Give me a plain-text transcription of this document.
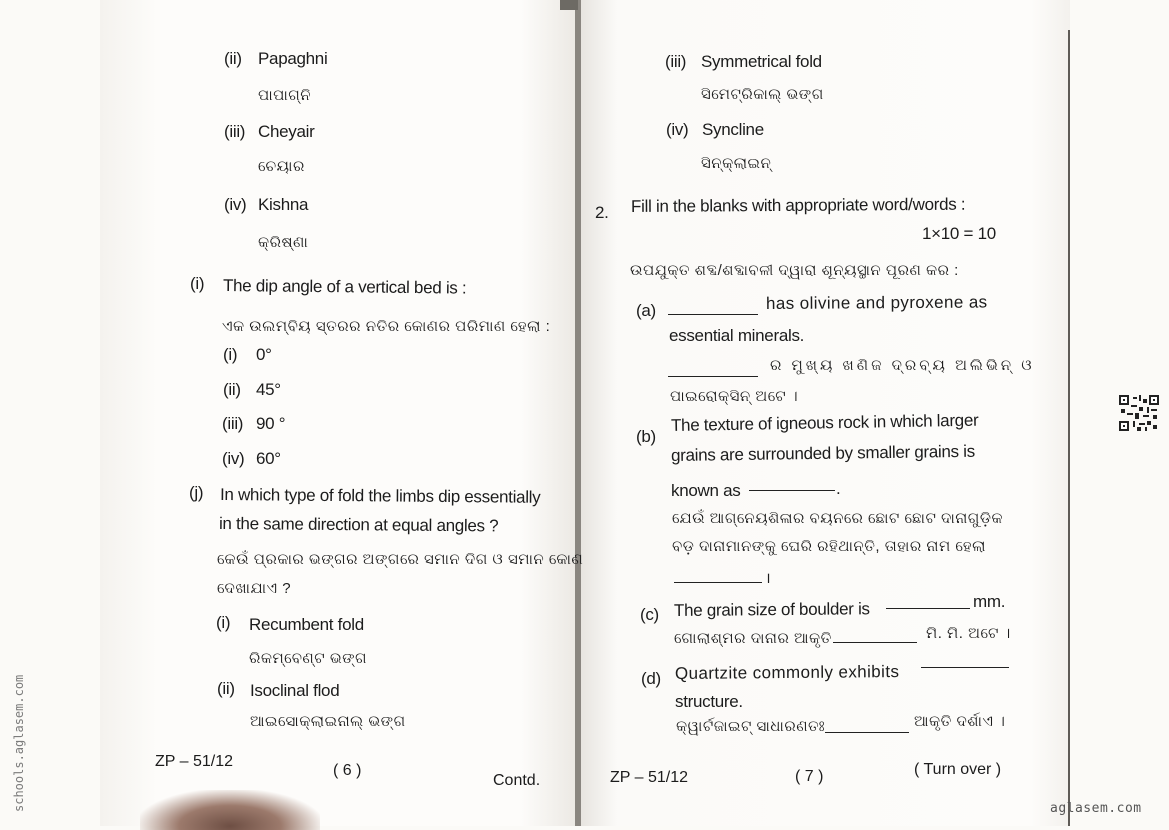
(ii) Papaghni
ପାପାଗ୍ନି
(iii) Cheyair
ଚେୟାର
(iv) Kishna
କ୍ରିଷ୍ଣା
(i) The dip angle of a vertical bed is :
ଏକ ଉଲମ୍ବିୟ ସ୍ତରର ନତିର କୋଣର ପରିମାଣ ହେଲା :
(i) 0°
(ii) 45°
(iii) 90 °
(iv) 60°
(j) In which type of fold the limbs dip essentially
in the same direction at equal angles ?
କେଉଁ ପ୍ରକାର ଭଙ୍ଗର ଅଙ୍ଗରେ ସମାନ ଦିଗ ଓ ସମାନ କୋଣ
ଦେଖାଯାଏ ?
(i) Recumbent fold
ରିକମ୍ବେଣ୍ଟ ଭଙ୍ଗ
(ii) Isoclinal flod
ଆଇସୋକ୍ଲାଇନାଲ୍ ଭଙ୍ଗ
ZP – 51/12
( 6 )
Contd.
(iii) Symmetrical fold
ସିମେଟ୍ରିକାଲ୍ ଭଙ୍ଗ
(iv) Syncline
ସିନ୍‌କ୍ଲାଇନ୍
2. Fill in the blanks with appropriate word/words :
1×10 = 10
ଉପଯୁକ୍ତ ଶବ୍ଦ/ଶବ୍ଦାବଳୀ ଦ୍ୱାରା ଶୂନ୍ୟସ୍ଥାନ ପୂରଣ କର :
(a)	has olivine and pyroxene as
essential minerals.
ର ମୁଖ୍ୟ ଖଣିଜ ଦ୍ରବ୍ୟ ଅଲିଭିନ୍ ଓ
ପାଇରୋକ୍ସିନ୍ ଅଟେ ।
(b)
The texture of igneous rock in which larger
grains are surrounded by smaller grains is
known as	.
ଯେଉଁ ଆଗ୍ନେୟଶିଳାର ବୟନରେ ଛୋଟ ଛୋଟ ଦାନାଗୁଡ଼ିକ
ବଡ଼ ଦାନାମାନଙ୍କୁ ଘେରି ରହିଥାନ୍ତି, ତାହାର ନାମ ହେଲା
।
(c) The grain size of boulder is	mm.
ଗୋଲାଶ୍ମର ଦାନାର ଆକୃତି	ମି. ମି. ଅଟେ ।
(d) Quartzite commonly exhibits
structure.
କ୍ୱାର୍ଟଜାଇଟ୍ ସାଧାରଣତଃ	ଆକୃତି ଦର୍ଶାଏ ।
ZP – 51/12	( 7 )	( Turn over )
schools.aglasem.com	aglasem.com
